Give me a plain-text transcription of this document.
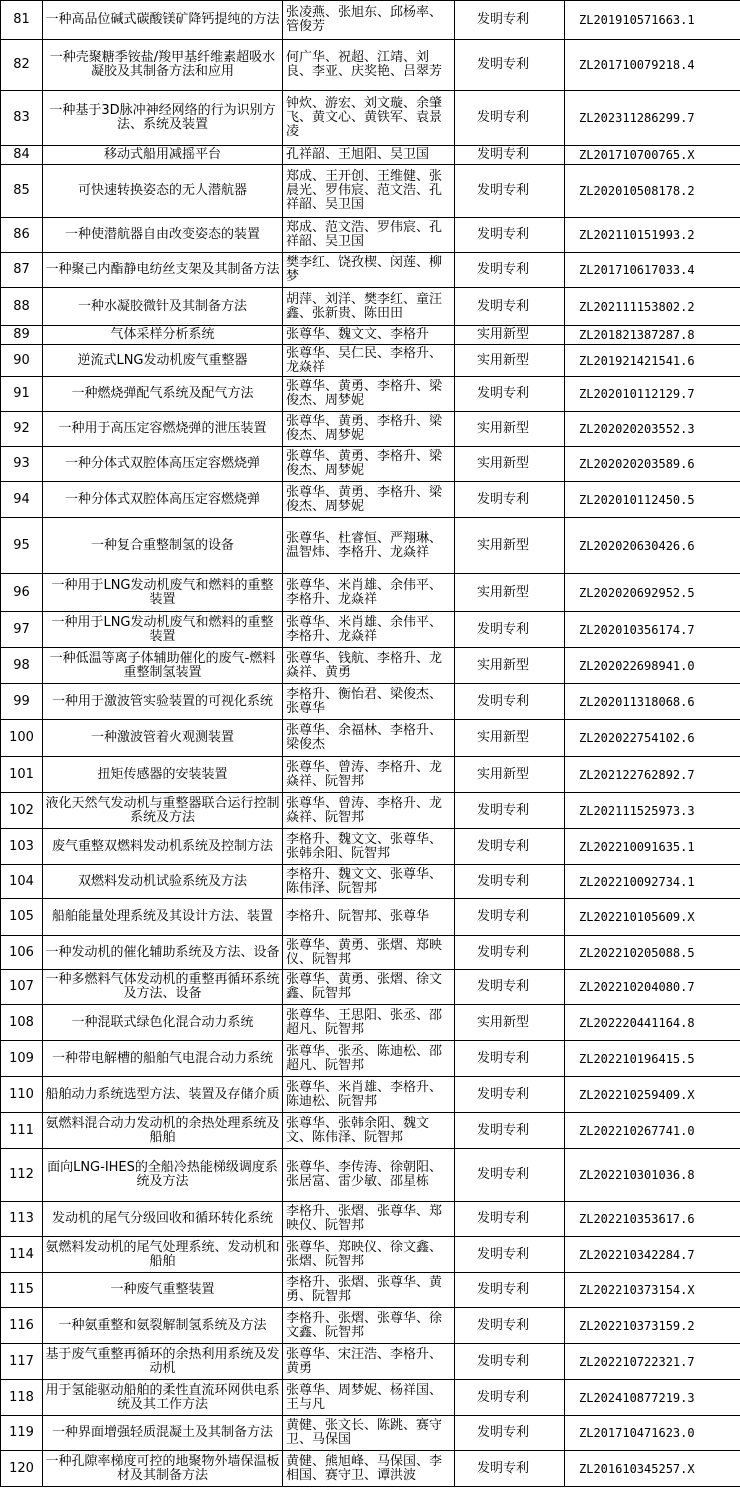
81	一种高品位碱式碳酸镁矿降钙提纯的方法	张凌燕、张旭东、邱杨率、管俊芳	发明专利	ZL201910571663.1
82	一种壳聚糖季铵盐/羧甲基纤维素超吸水凝胶及其制备方法和应用	何广华、祝超、江靖、刘良、李亚、庆奖艳、吕翠芳	发明专利	ZL201710079218.4
83	一种基于3D脉冲神经网络的行为识别方法、系统及装置	钟炊、游宏、刘文璇、余肇飞、黄文心、黄铁军、袁景凌	发明专利	ZL202311286299.7
84	移动式船用减摇平台	孔祥韶、王旭阳、吴卫国	发明专利	ZL201710700765.X
85	可快速转换姿态的无人潜航器	郑成、王开创、王维健、张晨光、罗伟宸、范文浩、孔祥韶、吴卫国	发明专利	ZL202010508178.2
86	一种使潜航器自由改变姿态的装置	郑成、范文浩、罗伟宸、孔祥韶、吴卫国	发明专利	ZL202110151993.2
87	一种聚己内酯静电纺丝支架及其制备方法	樊李红、饶孜楔、闵莲、柳梦	发明专利	ZL201710617033.4
88	一种水凝胶微针及其制备方法	胡萍、刘洋、樊李红、童汪鑫、张新贵、陈田田	发明专利	ZL202111153802.2
89	气体采样分析系统	张尊华、魏文文、李格升	实用新型	ZL201821387287.8
90	逆流式LNG发动机废气重整器	张尊华、吴仁民、李格升、龙焱祥	实用新型	ZL201921421541.6
91	一种燃烧弹配气系统及配气方法	张尊华、黄勇、李格升、梁俊杰、周梦妮	发明专利	ZL202010112129.7
92	一种用于高压定容燃烧弹的泄压装置	张尊华、黄勇、李格升、梁俊杰、周梦妮	实用新型	ZL202020203552.3
93	一种分体式双腔体高压定容燃烧弹	张尊华、黄勇、李格升、梁俊杰、周梦妮	实用新型	ZL202020203589.6
94	一种分体式双腔体高压定容燃烧弹	张尊华、黄勇、李格升、梁俊杰、周梦妮	发明专利	ZL202010112450.5
95	一种复合重整制氢的设备	张尊华、杜睿恒、严翔琳、温智炜、李格升、龙焱祥	实用新型	ZL202020630426.6
96	一种用于LNG发动机废气和燃料的重整装置	张尊华、米肖雄、余伟平、李格升、龙焱祥	实用新型	ZL202020692952.5
97	一种用于LNG发动机废气和燃料的重整装置	张尊华、米肖雄、余伟平、李格升、龙焱祥	发明专利	ZL202010356174.7
98	一种低温等离子体辅助催化的废气-燃料重整制氢装置	张尊华、钱航、李格升、龙焱祥、黄勇	实用新型	ZL202022698941.0
99	一种用于激波管实验装置的可视化系统	李格升、衡怡君、梁俊杰、张尊华	发明专利	ZL202011318068.6
100	一种激波管着火观测装置	张尊华、余福林、李格升、梁俊杰	实用新型	ZL202022754102.6
101	扭矩传感器的安装装置	张尊华、曾涛、李格升、龙焱祥、阮智邦	实用新型	ZL202122762892.7
102	液化天然气发动机与重整器联合运行控制系统及方法	张尊华、曾涛、李格升、龙焱祥、阮智邦	发明专利	ZL202111525973.3
103	废气重整双燃料发动机系统及控制方法	李格升、魏文文、张尊华、张韩余阳、阮智邦	发明专利	ZL202210091635.1
104	双燃料发动机试验系统及方法	李格升、魏文文、张尊华、陈伟泽、阮智邦	发明专利	ZL202210092734.1
105	船舶能量处理系统及其设计方法、装置	李格升、阮智邦、张尊华	发明专利	ZL202210105609.X
106	一种发动机的催化辅助系统及方法、设备	张尊华、黄勇、张熠、郑映仪、阮智邦	发明专利	ZL202210205088.5
107	一种多燃料气体发动机的重整再循环系统及方法、设备	张尊华、黄勇、张熠、徐文鑫、阮智邦	发明专利	ZL202210204080.7
108	一种混联式绿色化混合动力系统	张尊华、王思阳、张丞、邵超凡、阮智邦	实用新型	ZL202220441164.8
109	一种带电解槽的船舶气电混合动力系统	张尊华、张丞、陈迪松、邵超凡、阮智邦	发明专利	ZL202210196415.5
110	船舶动力系统选型方法、装置及存储介质	张尊华、米肖雄、李格升、陈迪松、阮智邦	发明专利	ZL202210259409.X
111	氨燃料混合动力发动机的余热处理系统及船舶	张尊华、张韩余阳、魏文文、陈伟泽、阮智邦	发明专利	ZL202210267741.0
112	面向LNG-IHES的全船冷热能梯级调度系统及方法	张尊华、李传涛、徐朝阳、张居富、雷少敏、邵星栋	发明专利	ZL202210301036.8
113	发动机的尾气分级回收和循环转化系统	李格升、张熠、张尊华、郑映仪、阮智邦	发明专利	ZL202210353617.6
114	氨燃料发动机的尾气处理系统、发动机和船舶	张尊华、郑映仪、徐文鑫、张熠、阮智邦	发明专利	ZL202210342284.7
115	一种废气重整装置	李格升、张熠、张尊华、黄勇、阮智邦	发明专利	ZL202210373154.X
116	一种氨重整和氨裂解制氢系统及方法	李格升、张熠、张尊华、徐文鑫、阮智邦	发明专利	ZL202210373159.2
117	基于废气重整再循环的余热利用系统及发动机	张尊华、宋汪浩、李格升、黄勇	发明专利	ZL202210722321.7
118	用于氢能驱动船舶的柔性直流环网供电系统及其工作方法	张尊华、周梦妮、杨祥国、王与凡	发明专利	ZL202410877219.3
119	一种界面增强轻质混凝土及其制备方法	黄健、张文长、陈跳、赛守卫、马保国	发明专利	ZL201710471623.0
120	一种孔隙率梯度可控的地聚物外墙保温板材及其制备方法	黄健、熊旭峰、马保国、李相国、赛守卫、谭洪波	发明专利	ZL201610345257.X
